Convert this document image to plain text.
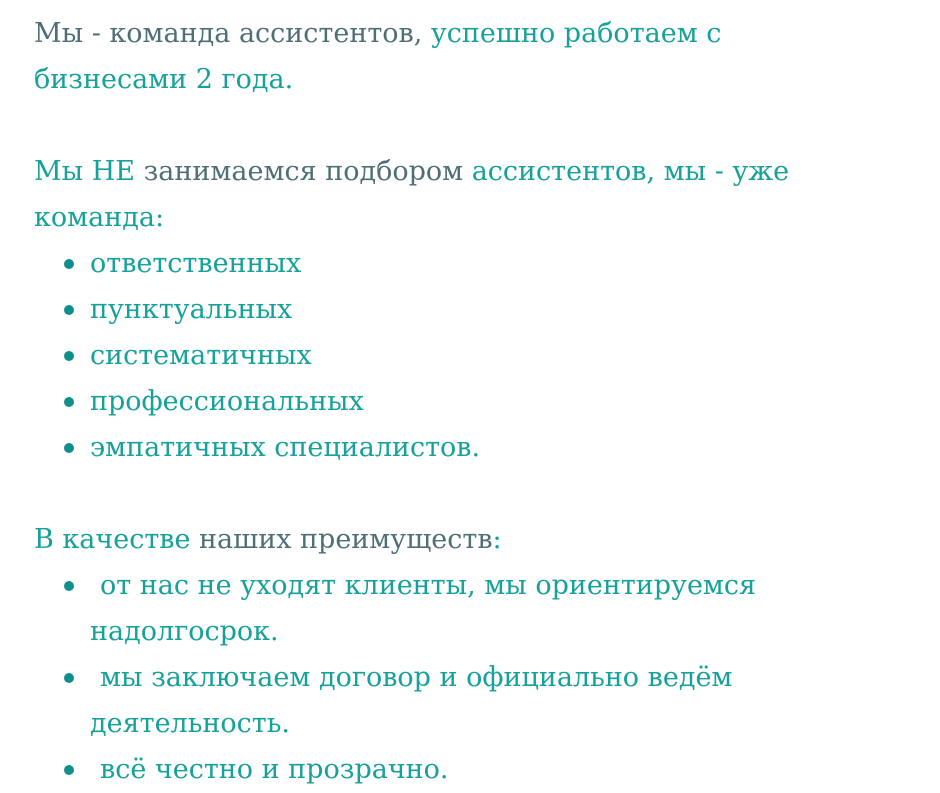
Мы - команда ассистентов, успешно работаем с
бизнесами 2 года.

Мы НЕ занимаемся подбором ассистентов, мы - уже
команда:

ответственных
пунктуальных
систематичных
профессиональных
эмпатичных специалистов.

В качестве наших преимуществ:

от нас не уходят клиенты, мы ориентируемся
надолгосрок.
мы заключаем договор и официально ведём
деятельность.
всё честно и прозрачно.
